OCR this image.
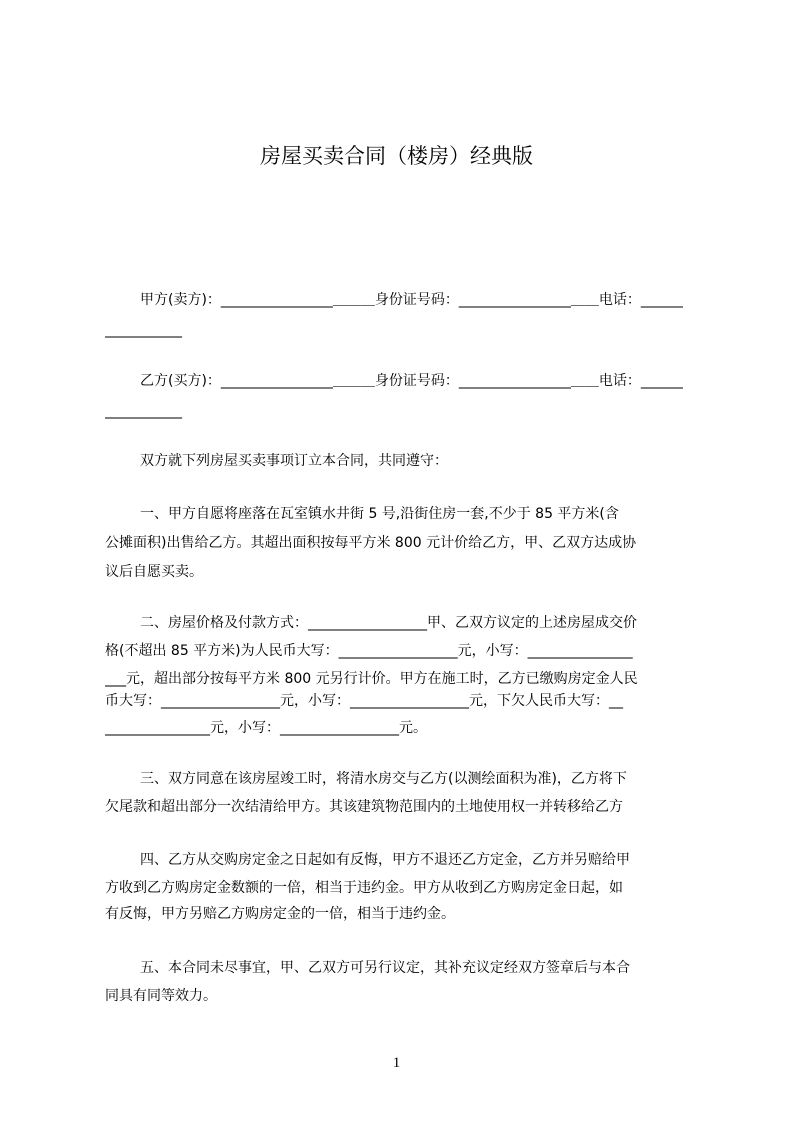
房屋买卖合同（楼房）经典版
甲方(卖方)：________________＿＿＿身份证号码：________________＿＿电话：______
___________
乙方(买方)：________________＿＿＿身份证号码：________________＿＿电话：______
___________
双方就下列房屋买卖事项订立本合同，共同遵守：
一、甲方自愿将座落在瓦室镇水井街 5 号,沿街住房一套,不少于 85 平方米(含
公摊面积)出售给乙方。其超出面积按每平方米 800 元计价给乙方，甲、乙双方达成协
议后自愿买卖。
二、房屋价格及付款方式：_________________甲、乙双方议定的上述房屋成交价
格(不超出 85 平方米)为人民币大写：_________________元，小写：_______________
___元，超出部分按每平方米 800 元另行计价。甲方在施工时，乙方已缴购房定金人民
币大写：_________________元，小写：_________________元，下欠人民币大写：__
_______________元，小写：_________________元。
三、双方同意在该房屋竣工时，将清水房交与乙方(以测绘面积为准)，乙方将下
欠尾款和超出部分一次结清给甲方。其该建筑物范围内的土地使用权一并转移给乙方
四、乙方从交购房定金之日起如有反悔，甲方不退还乙方定金，乙方并另赔给甲
方收到乙方购房定金数额的一倍，相当于违约金。甲方从收到乙方购房定金日起，如
有反悔，甲方另赔乙方购房定金的一倍，相当于违约金。
五、本合同未尽事宜，甲、乙双方可另行议定，其补充议定经双方签章后与本合
同具有同等效力。
1
